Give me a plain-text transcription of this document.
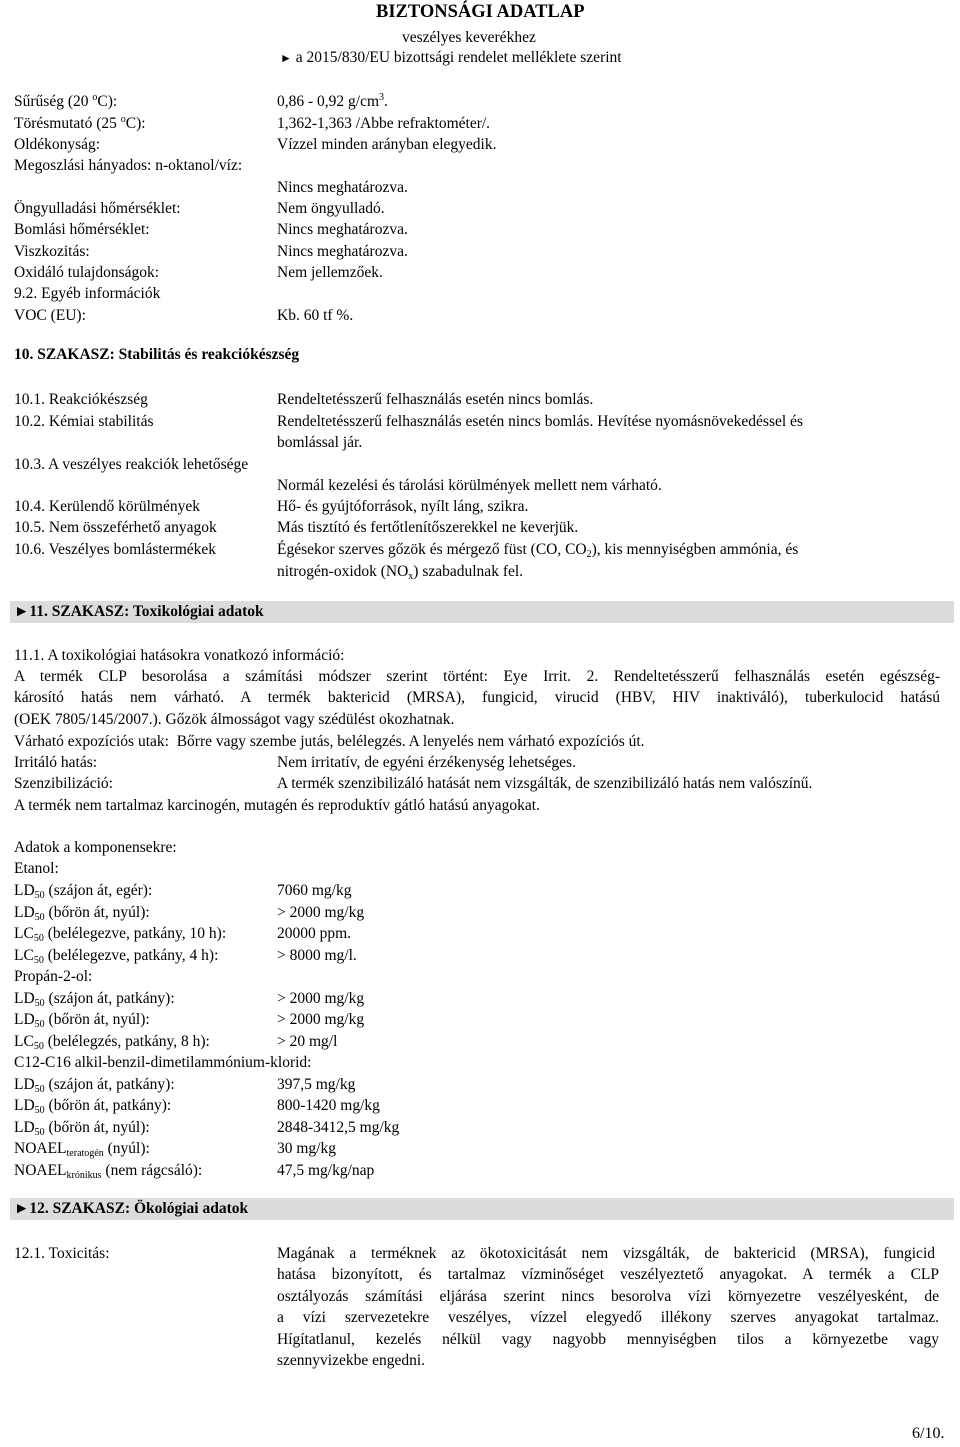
BIZTONSÁGI ADATLAP
veszélyes keverékhez
► a 2015/830/EU bizottsági rendelet melléklete szerint
Sűrűség (20 $^o$C):	0,86 - 0,92 $g/cm^3$.
Törésmutató (25 $^o$C):	1,362-1,363 /Abbe refraktométer/.
Oldékonyság:	Vízzel minden arányban elegyedik.
Megoszlási hányados: n-oktanol/víz:
Nincs meghatározva.
Öngyulladási hőmérséklet:	Nem öngyulladó.
Bomlási hőmérséklet:	Nincs meghatározva.
Viszkozitás:	Nincs meghatározva.
Oxidáló tulajdonságok:	Nem jellemzőek.
9.2. Egyéb információk
VOC (EU):	Kb. 60 tf %.
10. SZAKASZ: Stabilitás és reakciókészség
10.1. Reakciókészség	Rendeltetésszerű felhasználás esetén nincs bomlás.
10.2. Kémiai stabilitás	Rendeltetésszerű felhasználás esetén nincs bomlás. Hevítése nyomásnövekedéssel és
bomlással jár.
10.3. A veszélyes reakciók lehetősége
Normál kezelési és tárolási körülmények mellett nem várható.
10.4. Kerülendő körülmények	Hő- és gyújtóforrások, nyílt láng, szikra.
10.5. Nem összeférhető anyagok	Más tisztító és fertőtlenítőszerekkel ne keverjük.
10.6. Veszélyes bomlástermékek	Égésekor szerves gőzök és mérgező füst (CO, $CO_2$), kis mennyiségben ammónia, és
nitrogén-oxidok $(NO_x)$ szabadulnak fel.
►11. SZAKASZ: Toxikológiai adatok
11.1. A toxikológiai hatásokra vonatkozó információ:
A termék CLP besorolása a számítási módszer szerint történt: Eye Irrit. 2. Rendeltetésszerű felhasználás esetén egészség-
károsító hatás nem várható. A termék baktericid (MRSA), fungicid, virucid (HBV, HIV inaktiváló), tuberkulocid hatású
(OEK 7805/145/2007.). Gőzök álmosságot vagy szédülést okozhatnak.
Várható expozíciós utak:  Bőrre vagy szembe jutás, belélegzés. A lenyelés nem várható expozíciós út.
Irritáló hatás:	Nem irritatív, de egyéni érzékenység lehetséges.
Szenzibilizáció:	A termék szenzibilizáló hatását nem vizsgálták, de szenzibilizáló hatás nem valószínű.
A termék nem tartalmaz karcinogén, mutagén és reproduktív gátló hatású anyagokat.
Adatok a komponensekre:
Etanol:
$LD_{50}$ (szájon át, egér):	7060 mg/kg
$LD_{50}$ (bőrön át, nyúl):	> 2000 mg/kg
$LC_{50}$ (belélegezve, patkány, 10 h):	20000 ppm.
$LC_{50}$ (belélegezve, patkány, 4 h):	> 8000 mg/l.
Propán-2-ol:
$LD_{50}$ (szájon át, patkány):	> 2000 mg/kg
$LD_{50}$ (bőrön át, nyúl):	> 2000 mg/kg
$LC_{50}$ (belélegzés, patkány, 8 h):	> 20 mg/l
C12-C16 alkil-benzil-dimetilammónium-klorid:
$LD_{50}$ (szájon át, patkány):	397,5 mg/kg
$LD_{50}$ (bőrön át, patkány):	800-1420 mg/kg
$LD_{50}$ (bőrön át, nyúl):	2848-3412,5 mg/kg
NOAELteratogén (nyúl):	30 mg/kg
NOAELkrónikus (nem rágcsáló):	47,5 mg/kg/nap
►12. SZAKASZ: Ökológiai adatok
12.1. Toxicitás:	Magának a terméknek az ökotoxicitását nem vizsgálták, de baktericid (MRSA), fungicid
hatása bizonyított, és tartalmaz vízminőséget veszélyeztető anyagokat. A termék a CLP
osztályozás számítási eljárása szerint nincs besorolva vízi környezetre veszélyesként, de
a vízi szervezetekre veszélyes, vízzel elegyedő illékony szerves anyagokat tartalmaz.
Hígítatlanul, kezelés nélkül vagy nagyobb mennyiségben tilos a környezetbe vagy
szennyvizekbe engedni.
6/10.
